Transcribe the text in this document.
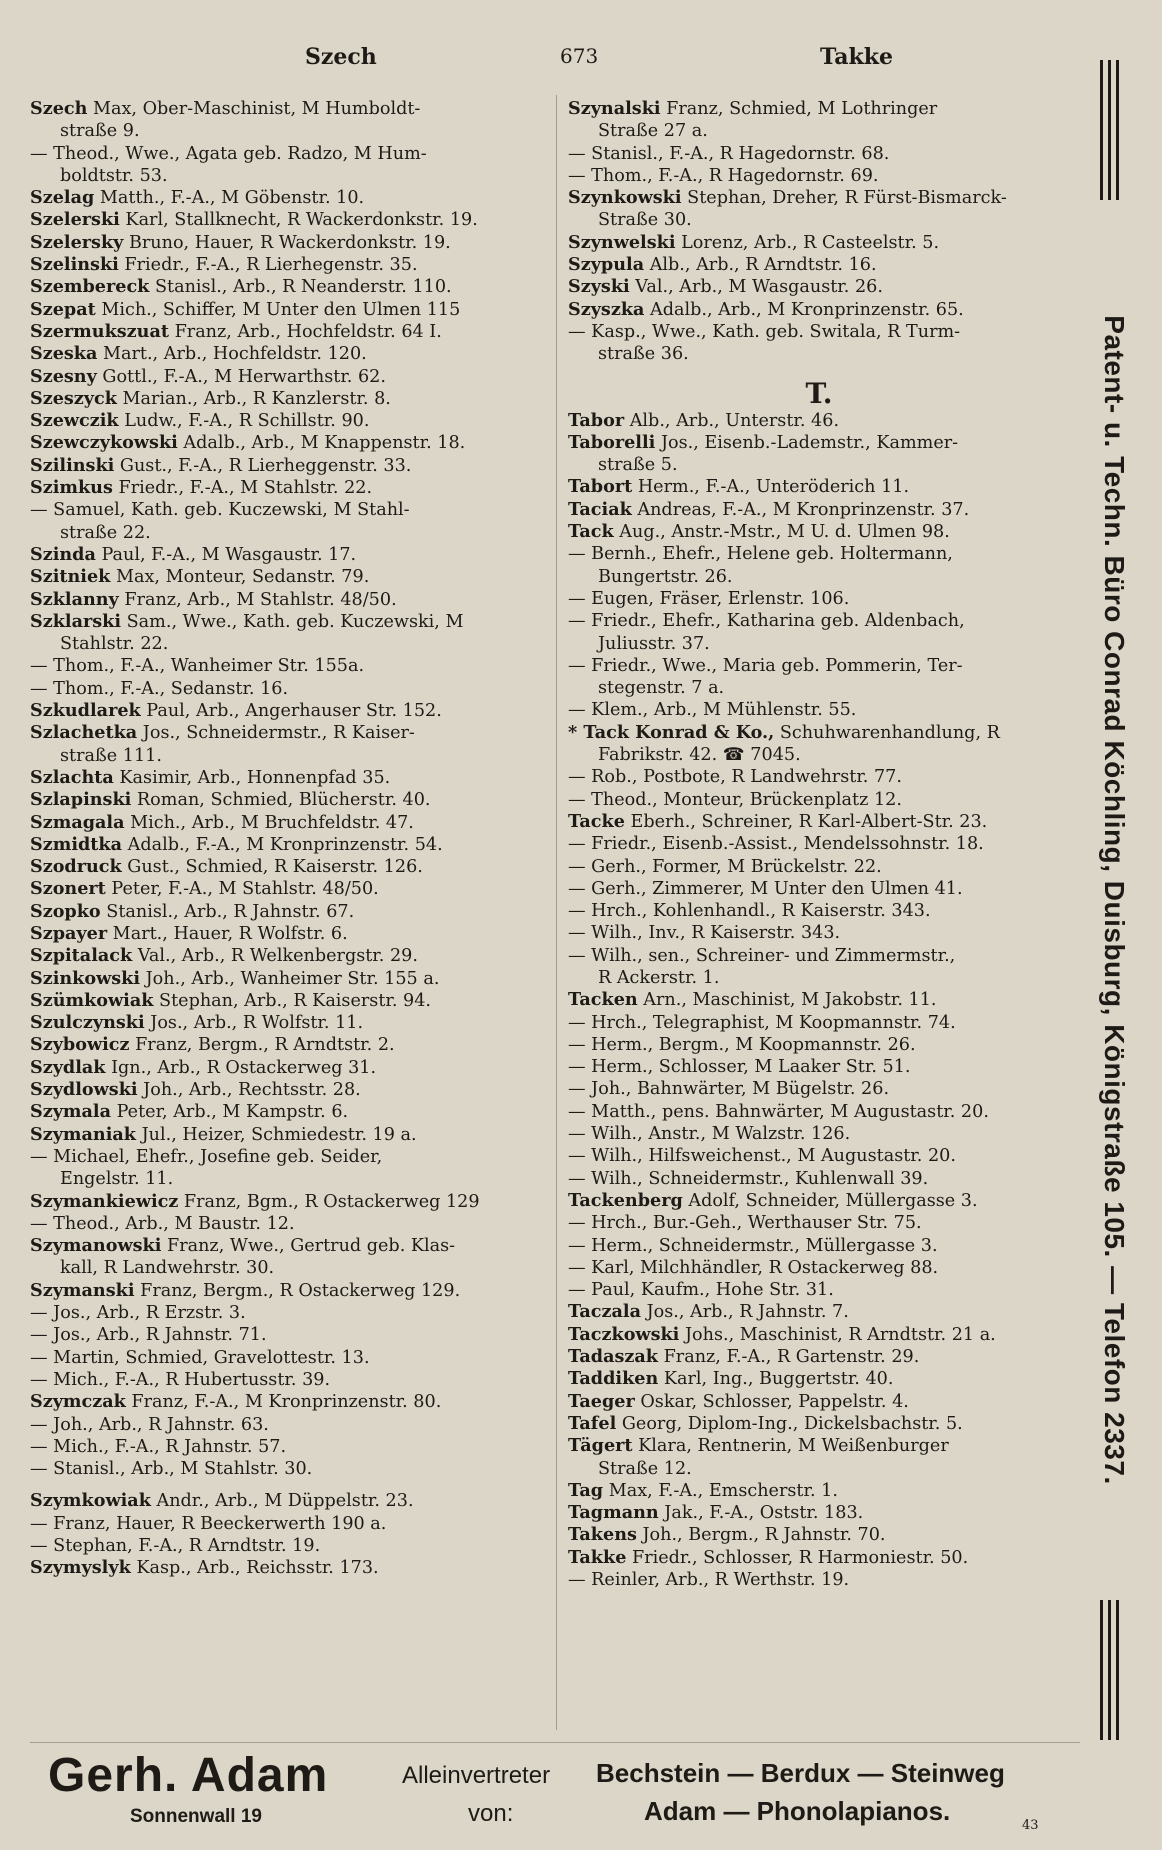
Szech	673	Takke
Szech Max, Ober-Maschinist, M Humboldt-
straße 9.
— Theod., Wwe., Agata geb. Radzo, M Hum-
boldtstr. 53.
Szelag Matth., F.-A., M Göbenstr. 10.
Szelerski Karl, Stallknecht, R Wackerdonkstr. 19.
Szelersky Bruno, Hauer, R Wackerdonkstr. 19.
Szelinski Friedr., F.-A., R Lierhegenstr. 35.
Szembereck Stanisl., Arb., R Neanderstr. 110.
Szepat Mich., Schiffer, M Unter den Ulmen 115
Szermukszuat Franz, Arb., Hochfeldstr. 64 I.
Szeska Mart., Arb., Hochfeldstr. 120.
Szesny Gottl., F.-A., M Herwarthstr. 62.
Szeszyck Marian., Arb., R Kanzlerstr. 8.
Szewczik Ludw., F.-A., R Schillstr. 90.
Szewczykowski Adalb., Arb., M Knappenstr. 18.
Szilinski Gust., F.-A., R Lierheggenstr. 33.
Szimkus Friedr., F.-A., M Stahlstr. 22.
— Samuel, Kath. geb. Kuczewski, M Stahl-
straße 22.
Szinda Paul, F.-A., M Wasgaustr. 17.
Szitniek Max, Monteur, Sedanstr. 79.
Szklanny Franz, Arb., M Stahlstr. 48/50.
Szklarski Sam., Wwe., Kath. geb. Kuczewski, M
Stahlstr. 22.
— Thom., F.-A., Wanheimer Str. 155a.
— Thom., F.-A., Sedanstr. 16.
Szkudlarek Paul, Arb., Angerhauser Str. 152.
Szlachetka Jos., Schneidermstr., R Kaiser-
straße 111.
Szlachta Kasimir, Arb., Honnenpfad 35.
Szlapinski Roman, Schmied, Blücherstr. 40.
Szmagala Mich., Arb., M Bruchfeldstr. 47.
Szmidtka Adalb., F.-A., M Kronprinzenstr. 54.
Szodruck Gust., Schmied, R Kaiserstr. 126.
Szonert Peter, F.-A., M Stahlstr. 48/50.
Szopko Stanisl., Arb., R Jahnstr. 67.
Szpayer Mart., Hauer, R Wolfstr. 6.
Szpitalack Val., Arb., R Welkenbergstr. 29.
Szinkowski Joh., Arb., Wanheimer Str. 155 a.
Szümkowiak Stephan, Arb., R Kaiserstr. 94.
Szulczynski Jos., Arb., R Wolfstr. 11.
Szybowicz Franz, Bergm., R Arndtstr. 2.
Szydlak Ign., Arb., R Ostackerweg 31.
Szydlowski Joh., Arb., Rechtsstr. 28.
Szymala Peter, Arb., M Kampstr. 6.
Szymaniak Jul., Heizer, Schmiedestr. 19 a.
— Michael, Ehefr., Josefine geb. Seider,
Engelstr. 11.
Szymankiewicz Franz, Bgm., R Ostackerweg 129
— Theod., Arb., M Baustr. 12.
Szymanowski Franz, Wwe., Gertrud geb. Klas-
kall, R Landwehrstr. 30.
Szymanski Franz, Bergm., R Ostackerweg 129.
— Jos., Arb., R Erzstr. 3.
— Jos., Arb., R Jahnstr. 71.
— Martin, Schmied, Gravelottestr. 13.
— Mich., F.-A., R Hubertusstr. 39.
Szymczak Franz, F.-A., M Kronprinzenstr. 80.
— Joh., Arb., R Jahnstr. 63.
— Mich., F.-A., R Jahnstr. 57.
— Stanisl., Arb., M Stahlstr. 30.
Szymkowiak Andr., Arb., M Düppelstr. 23.
— Franz, Hauer, R Beeckerwerth 190 a.
— Stephan, F.-A., R Arndtstr. 19.
Szymyslyk Kasp., Arb., Reichsstr. 173.
Szynalski Franz, Schmied, M Lothringer
Straße 27 a.
— Stanisl., F.-A., R Hagedornstr. 68.
— Thom., F.-A., R Hagedornstr. 69.
Szynkowski Stephan, Dreher, R Fürst-Bismarck-
Straße 30.
Szynwelski Lorenz, Arb., R Casteelstr. 5.
Szypula Alb., Arb., R Arndtstr. 16.
Szyski Val., Arb., M Wasgaustr. 26.
Szyszka Adalb., Arb., M Kronprinzenstr. 65.
— Kasp., Wwe., Kath. geb. Switala, R Turm-
straße 36.
T.
Tabor Alb., Arb., Unterstr. 46.
Taborelli Jos., Eisenb.-Lademstr., Kammer-
straße 5.
Tabort Herm., F.-A., Unteröderich 11.
Taciak Andreas, F.-A., M Kronprinzenstr. 37.
Tack Aug., Anstr.-Mstr., M U. d. Ulmen 98.
— Bernh., Ehefr., Helene geb. Holtermann,
Bungertstr. 26.
— Eugen, Fräser, Erlenstr. 106.
— Friedr., Ehefr., Katharina geb. Aldenbach,
Juliusstr. 37.
— Friedr., Wwe., Maria geb. Pommerin, Ter-
stegenstr. 7 a.
— Klem., Arb., M Mühlenstr. 55.
* Tack Konrad & Ko., Schuhwarenhandlung, R
Fabrikstr. 42. ☎ 7045.
— Rob., Postbote, R Landwehrstr. 77.
— Theod., Monteur, Brückenplatz 12.
Tacke Eberh., Schreiner, R Karl-Albert-Str. 23.
— Friedr., Eisenb.-Assist., Mendelssohnstr. 18.
— Gerh., Former, M Brückelstr. 22.
— Gerh., Zimmerer, M Unter den Ulmen 41.
— Hrch., Kohlenhandl., R Kaiserstr. 343.
— Wilh., Inv., R Kaiserstr. 343.
— Wilh., sen., Schreiner- und Zimmermstr.,
R Ackerstr. 1.
Tacken Arn., Maschinist, M Jakobstr. 11.
— Hrch., Telegraphist, M Koopmannstr. 74.
— Herm., Bergm., M Koopmannstr. 26.
— Herm., Schlosser, M Laaker Str. 51.
— Joh., Bahnwärter, M Bügelstr. 26.
— Matth., pens. Bahnwärter, M Augustastr. 20.
— Wilh., Anstr., M Walzstr. 126.
— Wilh., Hilfsweichenst., M Augustastr. 20.
— Wilh., Schneidermstr., Kuhlenwall 39.
Tackenberg Adolf, Schneider, Müllergasse 3.
— Hrch., Bur.-Geh., Werthauser Str. 75.
— Herm., Schneidermstr., Müllergasse 3.
— Karl, Milchhändler, R Ostackerweg 88.
— Paul, Kaufm., Hohe Str. 31.
Taczala Jos., Arb., R Jahnstr. 7.
Taczkowski Johs., Maschinist, R Arndtstr. 21 a.
Tadaszak Franz, F.-A., R Gartenstr. 29.
Taddiken Karl, Ing., Buggertstr. 40.
Taeger Oskar, Schlosser, Pappelstr. 4.
Tafel Georg, Diplom-Ing., Dickelsbachstr. 5.
Tägert Klara, Rentnerin, M Weißenburger
Straße 12.
Tag Max, F.-A., Emscherstr. 1.
Tagmann Jak., F.-A., Oststr. 183.
Takens Joh., Bergm., R Jahnstr. 70.
Takke Friedr., Schlosser, R Harmoniestr. 50.
— Reinler, Arb., R Werthstr. 19.
Patent- u. Techn. Büro Conrad Köchling, Duisburg, Königstraße 105. — Telefon 2337.
Gerh. Adam
Sonnenwall 19
Alleinvertreter
von:
Bechstein — Berdux — Steinweg
Adam — Phonolapianos.	43
